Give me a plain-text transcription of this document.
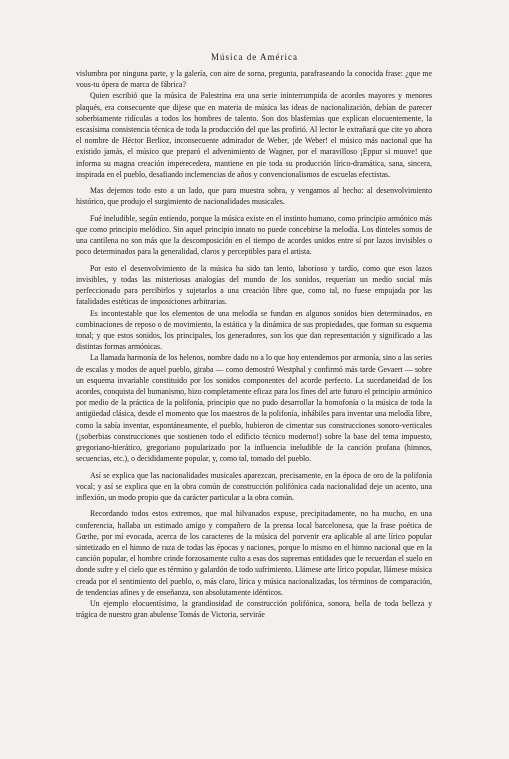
Música de América

vislumbra por ninguna parte, y la galería, con aire de sorna, pregunta, parafraseando la conocida frase: ¿que me vous-tu ópera de marca de fábrica?

Quien escribió que la música de Palestrina era una serie ininterrumpida de acordes mayores y menores plaqués, era consecuente que dijese que en materia de música las ideas de nacionalización, debían de parecer soberbiamente ridículas a todos los hombres de talento. Son dos blasfemias que explican elocuentemente, la escasísima consistencia técnica de toda la producción del que las profirió. Al lector le extrañará que cite yo ahora el nombre de Héctor Berlioz, inconsecuente admirador de Weber, ¡de Weber! el músico más nacional que ha existido jamás, el músico que preparó el advenimiento de Wagner, por el maravilloso ¡Eppur si muove! que informa su magna creación imperecedera, mantiene en pie toda su producción lírico-dramática, sana, sincera, inspirada en el pueblo, desafiando inclemencias de años y convencionalismos de escuelas efectistas.

Mas dejemos todo esto a un lado, que para muestra sobra, y vengamos al hecho: al desenvolvimiento histórico, que produjo el surgimiento de nacionalidades musicales.

Fué ineludible, según entiendo, porque la música existe en el instinto humano, como principio armónico más que como principio melódico. Sin aquel principio innato no puede concebirse la melodía. Los dinteles somos de una cantilena no son más que la descomposición en el tiempo de acordes unidos entre sí por lazos invisibles o poco determinados para la generalidad, claros y perceptibles para el artista.

Por esto el desenvolvimiento de la música ha sido tan lento, laborioso y tardío, como que esos lazos invisibles, y todas las misteriosas analogías del mundo de los sonidos, requerían un medio social más perfeccionado para percibirlos y sujetarlos a una creación libre que, como tal, no fuese empujada por las fatalidades estéticas de imposiciones arbitrarias.

Es incontestable que los elementos de una melodía se fundan en algunos sonidos bien determinados, en combinaciones de reposo o de movimiento, la estática y la dinámica de sus propiedades, que forman su esquema tonal; y que estos sonidos, los principales, los generadores, son los que dan representación y significado a las distintas formas armónicas.

La llamada harmonía de los helenos, nombre dado no a lo que hoy entendemos por armonía, sino a las series de escalas y modos de aquel pueblo, giraba — como demostró Westphal y confirmó más tarde Gevaert — sobre un esquema invariable constituido por los sonidos componentes del acorde perfecto. La sucedaneidad de los acordes, conquista del humanismo, hizo completamente eficaz para los fines del arte futuro el principio armónico por medio de la práctica de la polifonía, principio que no pudo desarrollar la homofonía o la música de toda la antigüedad clásica, desde el momento que los maestros de la polifonía, inhábiles para inventar una melodía libre, como la sabía inventar, espontáneamente, el pueblo, hubieron de cimentar sus construcciones sonoro-verticales (¡soberbias construcciones que sostienen todo el edificio técnico moderno!) sobre la base del tema impuesto, gregoriano-hierático, gregoriano popularizado por la influencia ineludible de la canción profana (himnos, secuencias, etc.), o decididamente popular, y, como tal, tomado del pueblo.

Así se explica que las nacionalidades musicales aparezcan, precisamente, en la época de oro de la polifonía vocal; y así se explica que en la obra común de construcción polifónica cada nacionalidad deje un acento, una inflexión, un modo propio que da carácter particular a la obra común.

Recordando todos estos extremos, que mal hilvanados expuse, precipitadamente, no ha mucho, en una conferencia, hallaba un estimado amigo y compañero de la prensa local barcelonesa, que la frase poética de Gœthe, por mí evocada, acerca de los caracteres de la música del porvenir era aplicable al arte lírico popular sintetizado en el himno de raza de todas las épocas y naciones, porque lo mismo en el himno nacional que en la canción popular, el hombre crinde forzosamente culto a esas dos supremas entidades que le recuerdan el suelo en donde sufre y el cielo que es término y galardón de todo sufrimiento. Llámese arte lírico popular, llámese música creada por el sentimiento del pueblo, o, más claro, lírica y música nacionalizadas, los términos de comparación, de tendencias afines y de enseñanza, son absolutamente idénticos.

Un ejemplo elocuentísimo, la grandiosidad de construcción polifónica, sonora, bella de toda belleza y trágica de nuestro gran abulense Tomás de Victoria, serviráe
